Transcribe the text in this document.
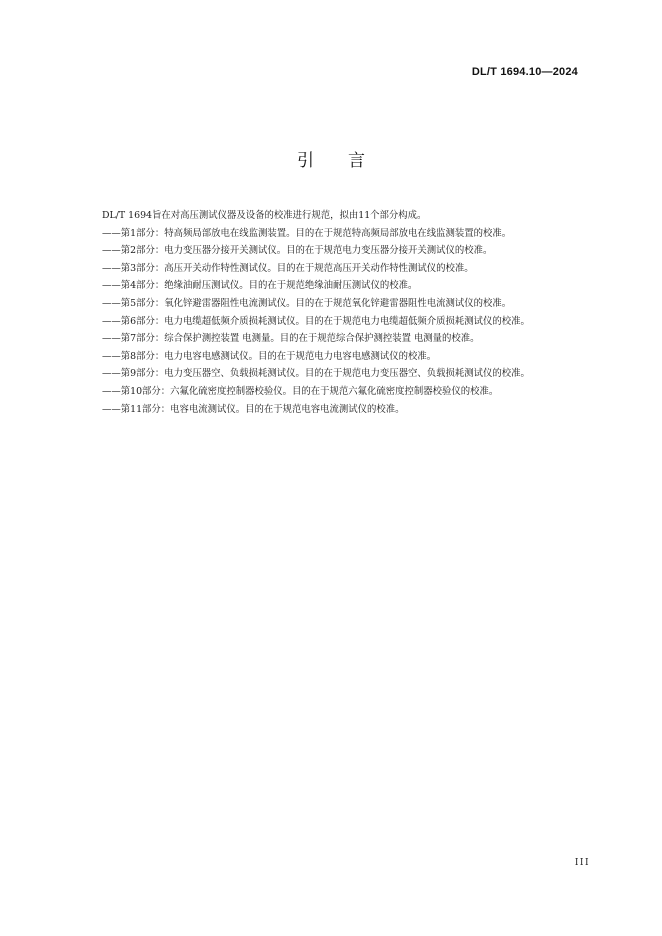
DL/T 1694.10—2024
引言

DL/T 1694旨在对高压测试仪器及设备的校准进行规范，拟由11个部分构成。

——第1部分：特高频局部放电在线监测装置。目的在于规范特高频局部放电在线监测装置的校准。

——第2部分：电力变压器分接开关测试仪。目的在于规范电力变压器分接开关测试仪的校准。

——第3部分：高压开关动作特性测试仪。目的在于规范高压开关动作特性测试仪的校准。

——第4部分：绝缘油耐压测试仪。目的在于规范绝缘油耐压测试仪的校准。

——第5部分：氧化锌避雷器阻性电流测试仪。目的在于规范氧化锌避雷器阻性电流测试仪的校准。

——第6部分：电力电缆超低频介质损耗测试仪。目的在于规范电力电缆超低频介质损耗测试仪的校准。

——第7部分：综合保护测控装置 电测量。目的在于规范综合保护测控装置 电测量的校准。

——第8部分：电力电容电感测试仪。目的在于规范电力电容电感测试仪的校准。

——第9部分：电力变压器空、负载损耗测试仪。目的在于规范电力变压器空、负载损耗测试仪的校准。

——第10部分：六氟化硫密度控制器校验仪。目的在于规范六氟化硫密度控制器校验仪的校准。

——第11部分：电容电流测试仪。目的在于规范电容电流测试仪的校准。

III
